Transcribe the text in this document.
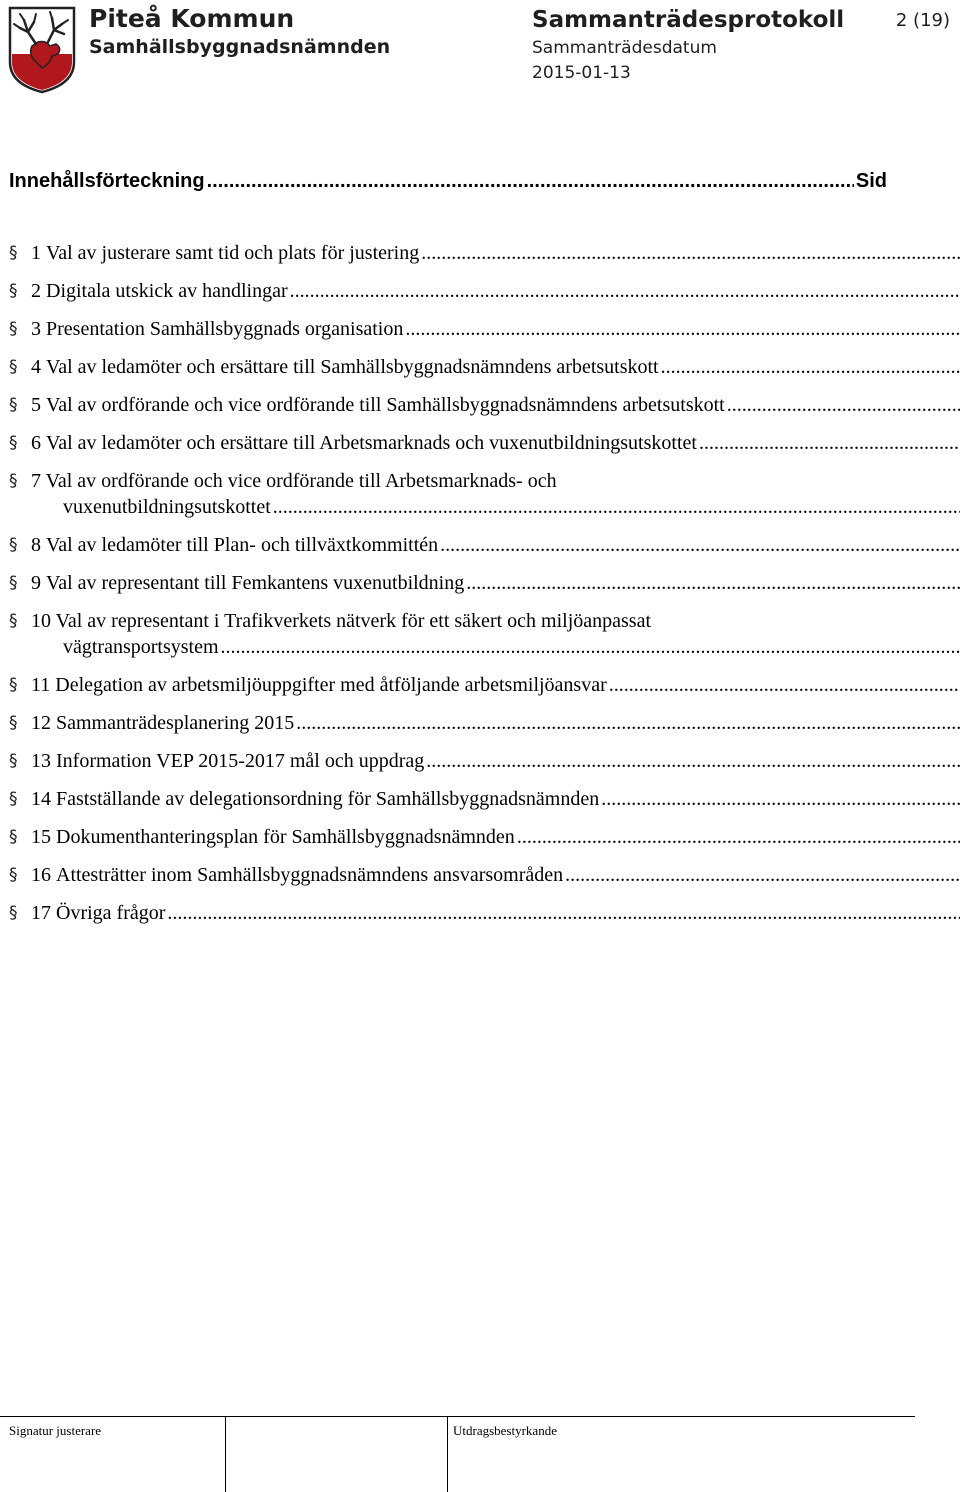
Piteå Kommun
Samhällsbyggnadsnämnden
Sammanträdesprotokoll
Sammanträdesdatum
2015-01-13
2 (19)
Innehållsförteckning
.....	Sid
§ 1
Val av justerare samt tid och plats för justering
.....
§ 2
Digitala utskick av handlingar
.....
§ 3
Presentation Samhällsbyggnads organisation
.....
§ 4
Val av ledamöter och ersättare till Samhällsbyggnadsnämndens arbetsutskott
.....
§ 5
Val av ordförande och vice ordförande till Samhällsbyggnadsnämndens arbetsutskott
.....
§ 6
Val av ledamöter och ersättare till Arbetsmarknads och vuxenutbildningsutskottet
.....
§ 7 Val av ordförande och vice ordförande till Arbetsmarknads- och
vuxenutbildningsutskottet
.....
§ 8
Val av ledamöter till Plan- och tillväxtkommittén
.....
§ 9
Val av representant till Femkantens vuxenutbildning
.....
§ 10 Val av representant i Trafikverkets nätverk för ett säkert och miljöanpassat
vägtransportsystem
.....
§ 11
Delegation av arbetsmiljöuppgifter med åtföljande arbetsmiljöansvar
.....
§ 12
Sammanträdesplanering 2015
.....
§ 13
Information VEP 2015-2017 mål och uppdrag
.....
§ 14
Fastställande av delegationsordning för Samhällsbyggnadsnämnden
.....
§ 15
Dokumenthanteringsplan för Samhällsbyggnadsnämnden
.....
§ 16
Attesträtter inom Samhällsbyggnadsnämndens ansvarsområden
.....
§ 17
Övriga frågor
.....
Signatur justerare	Utdragsbestyrkande
